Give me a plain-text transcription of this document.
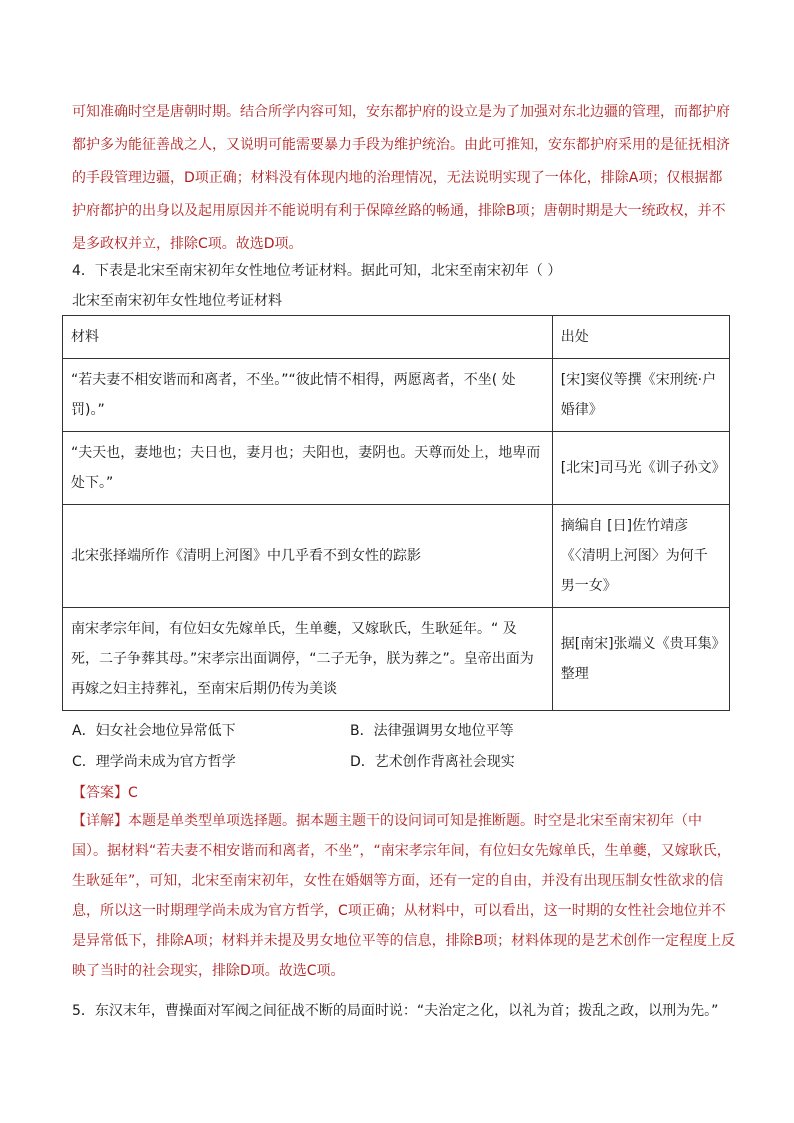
可知准确时空是唐朝时期。结合所学内容可知，安东都护府的设立是为了加强对东北边疆的管理，而都护府都护多为能征善战之人，又说明可能需要暴力手段为维护统治。由此可推知，安东都护府采用的是征抚相济的手段管理边疆，D项正确；材料没有体现内地的治理情况，无法说明实现了一体化，排除A项；仅根据都护府都护的出身以及起用原因并不能说明有利于保障丝路的畅通，排除B项；唐朝时期是大一统政权，并不是多政权并立，排除C项。故选D项。
4．下表是北宋至南宋初年女性地位考证材料。据此可知，北宋至南宋初年（ ）
北宋至南宋初年女性地位考证材料
材料	出处
“若夫妻不相安谐而和离者，不坐。”“彼此情不相得，两愿离者，不坐( 处罚)。”	[宋]窦仪等撰《宋刑统·户婚律》
“夫天也，妻地也；夫日也，妻月也；夫阳也，妻阴也。天尊而处上，地卑而处下。”	[北宋]司马光《训子孙文》
北宋张择端所作《清明上河图》中几乎看不到女性的踪影	摘编自 [日]佐竹靖彦《〈清明上河图〉为何千男一女》
南宋孝宗年间，有位妇女先嫁单氏，生单夔，又嫁耿氏，生耿延年。“ 及死，二子争葬其母。”宋孝宗出面调停，“二子无争，朕为葬之”。皇帝出面为再嫁之妇主持葬礼，至南宋后期仍传为美谈	据[南宋]张端义《贵耳集》整理
A．妇女社会地位异常低下	B．法律强调男女地位平等
C．理学尚未成为官方哲学	D．艺术创作背离社会现实
【答案】C
【详解】本题是单类型单项选择题。据本题主题干的设问词可知是推断题。时空是北宋至南宋初年（中国）。据材料“若夫妻不相安谐而和离者，不坐”，“南宋孝宗年间，有位妇女先嫁单氏，生单夔，又嫁耿氏，生耿延年”，可知，北宋至南宋初年，女性在婚姻等方面，还有一定的自由，并没有出现压制女性欲求的信息，所以这一时期理学尚未成为官方哲学，C项正确；从材料中，可以看出，这一时期的女性社会地位并不是异常低下，排除A项；材料并未提及男女地位平等的信息，排除B项；材料体现的是艺术创作一定程度上反映了当时的社会现实，排除D项。故选C项。
5．东汉末年，曹操面对军阀之间征战不断的局面时说：“夫治定之化，以礼为首；拨乱之政，以刑为先。”
